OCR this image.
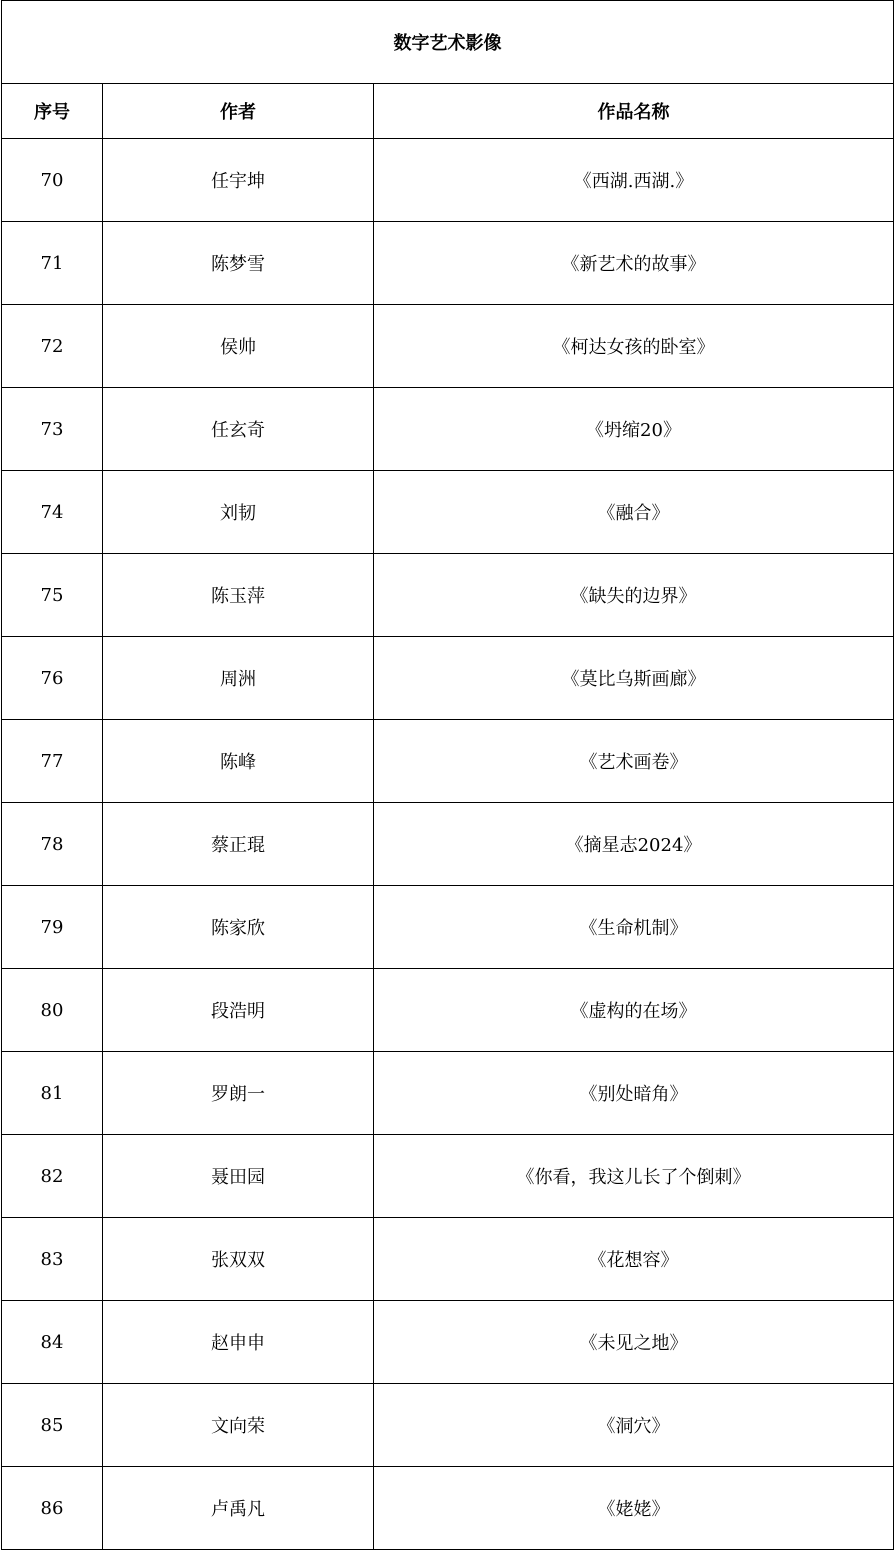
数字艺术影像		
序号	作者	作品名称
70	任宇坤	《西湖.西湖.》
71	陈梦雪	《新艺术的故事》
72	侯帅	《柯达女孩的卧室》
73	任玄奇	《坍缩20》
74	刘韧	《融合》
75	陈玉萍	《缺失的边界》
76	周洲	《莫比乌斯画廊》
77	陈峰	《艺术画卷》
78	蔡正琨	《摘星志2024》
79	陈家欣	《生命机制》
80	段浩明	《虚构的在场》
81	罗朗一	《别处暗角》
82	聂田园	《你看，我这儿长了个倒刺》
83	张双双	《花想容》
84	赵申申	《未见之地》
85	文向荣	《洞穴》
86	卢禹凡	《姥姥》
